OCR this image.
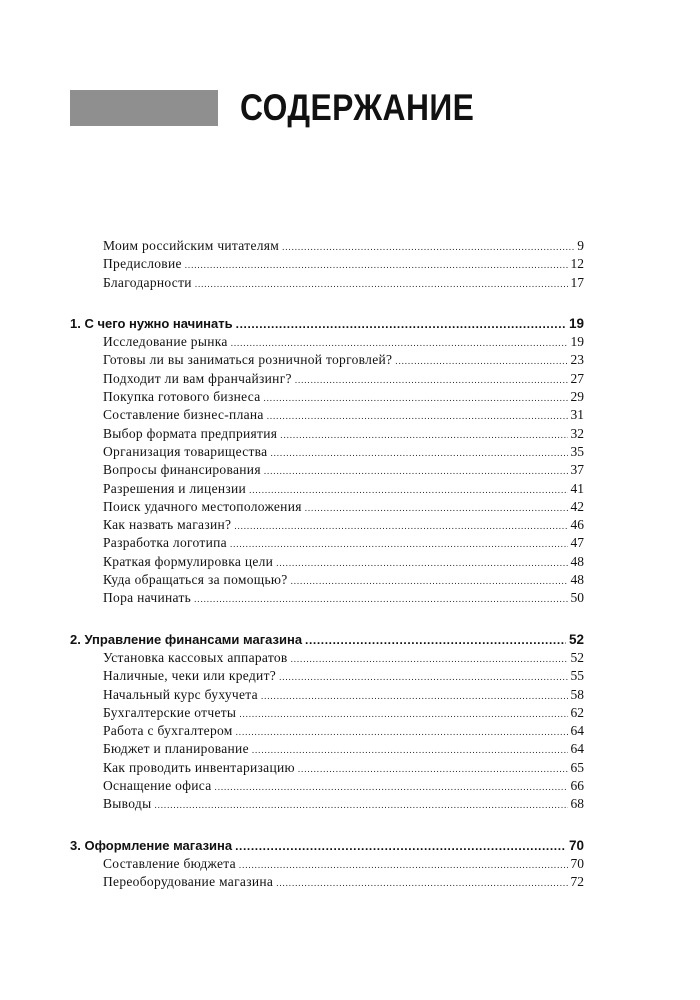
СОДЕРЖАНИЕ
Моим российским читателям .....	9
Предисловие .....	12
Благодарности .....	17
1. С чего нужно начинать .....	19
Исследование рынка .....	19
Готовы ли вы заниматься розничной торговлей? .....	23
Подходит ли вам франчайзинг? .....	27
Покупка готового бизнеса .....	29
Составление бизнес-плана .....	31
Выбор формата предприятия .....	32
Организация товарищества .....	35
Вопросы финансирования .....	37
Разрешения и лицензии .....	41
Поиск удачного местоположения .....	42
Как назвать магазин? .....	46
Разработка логотипа .....	47
Краткая формулировка цели .....	48
Куда обращаться за помощью? .....	48
Пора начинать .....	50
2. Управление финансами магазина .....	52
Установка кассовых аппаратов .....	52
Наличные, чеки или кредит? .....	55
Начальный курс бухучета .....	58
Бухгалтерские отчеты .....	62
Работа с бухгалтером .....	64
Бюджет и планирование .....	64
Как проводить инвентаризацию .....	65
Оснащение офиса .....	66
Выводы .....	68
3. Оформление магазина .....	70
Составление бюджета .....	70
Переоборудование магазина .....	72
